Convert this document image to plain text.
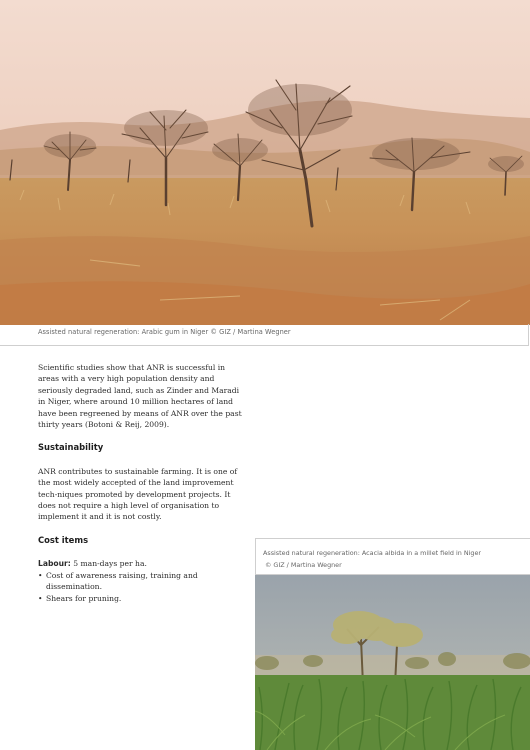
Assisted natural regeneration: Arabic gum in Niger © GIZ / Martina Wegner

Scientific studies show that ANR is successful in areas with a very high population density and seriously degraded land, such as Zinder and Maradi in Niger, where around 10 million hectares of land have been regreened by means of ANR over the past thirty years (Botoni & Reij, 2009).

Sustainability

ANR contributes to sustainable farming. It is one of the most widely accepted of the land improvement tech-niques promoted by development projects. It does not require a high level of organisation to implement it and it is not costly.

Cost items

Labour: 5 man-days per ha.

• Cost of awareness raising, training and dissemination.
• Shears for pruning.
Assisted natural regeneration: Acacia albida in a millet field in Niger
© GIZ / Martina Wegner
